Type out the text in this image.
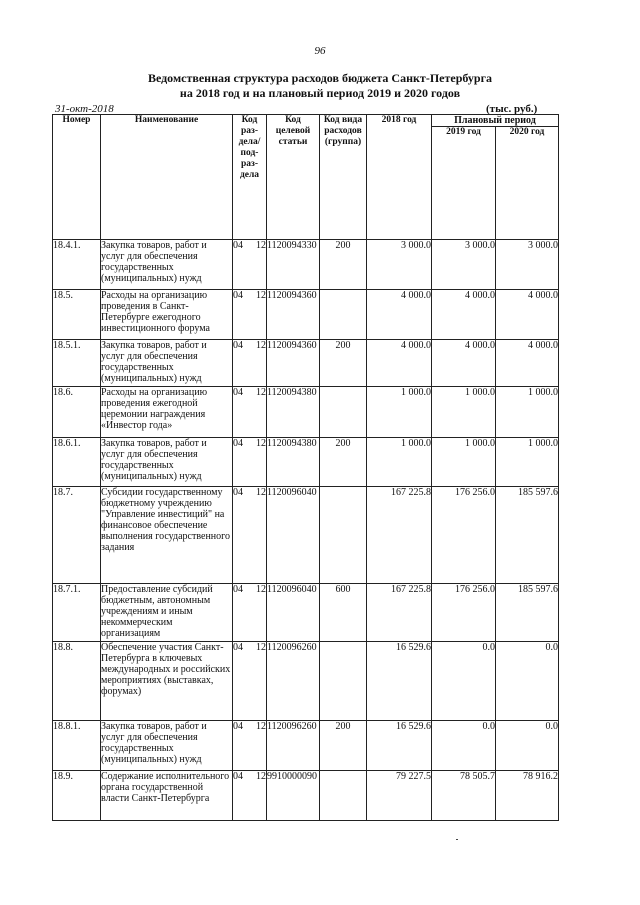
96
Ведомственная структура расходов бюджета Санкт-Петербурга
на 2018 год и на плановый период 2019 и 2020 годов
31-окт-2018	(тыс. руб.)
Номер	Наименование	Код раз-дела/ под-раз-дела	Код целевой статьи	Код вида расходов (группа)	2018 год	Плановый период	
						2019 год	2020 год
18.4.1.	Закупка товаров, работ и услуг для обеспечения государственных (муниципальных) нужд	04 12	1120094330	200	3 000.0	3 000.0	3 000.0
18.5.	Расходы на организацию проведения в Санкт-Петербурге ежегодного инвестиционного форума	04 12	1120094360		4 000.0	4 000.0	4 000.0
18.5.1.	Закупка товаров, работ и услуг для обеспечения государственных (муниципальных) нужд	04 12	1120094360	200	4 000.0	4 000.0	4 000.0
18.6.	Расходы на организацию проведения ежегодной церемонии награждения «Инвестор года»	04 12	1120094380		1 000.0	1 000.0	1 000.0
18.6.1.	Закупка товаров, работ и услуг для обеспечения государственных (муниципальных) нужд	04 12	1120094380	200	1 000.0	1 000.0	1 000.0
18.7.	Субсидии государственному бюджетному учреждению "Управление инвестиций" на финансовое обеспечение выполнения государственного задания	04 12	1120096040		167 225.8	176 256.0	185 597.6
18.7.1.	Предоставление субсидий бюджетным, автономным учреждениям и иным некоммерческим организациям	04 12	1120096040	600	167 225.8	176 256.0	185 597.6
18.8.	Обеспечение участия Санкт-Петербурга в ключевых международных и российских мероприятиях (выставках, форумах)	04 12	1120096260		16 529.6	0.0	0.0
18.8.1.	Закупка товаров, работ и услуг для обеспечения государственных (муниципальных) нужд	04 12	1120096260	200	16 529.6	0.0	0.0
18.9.	Содержание исполнительного органа государственной власти Санкт-Петербурга	04 12	9910000090		79 227.5	78 505.7	78 916.2
